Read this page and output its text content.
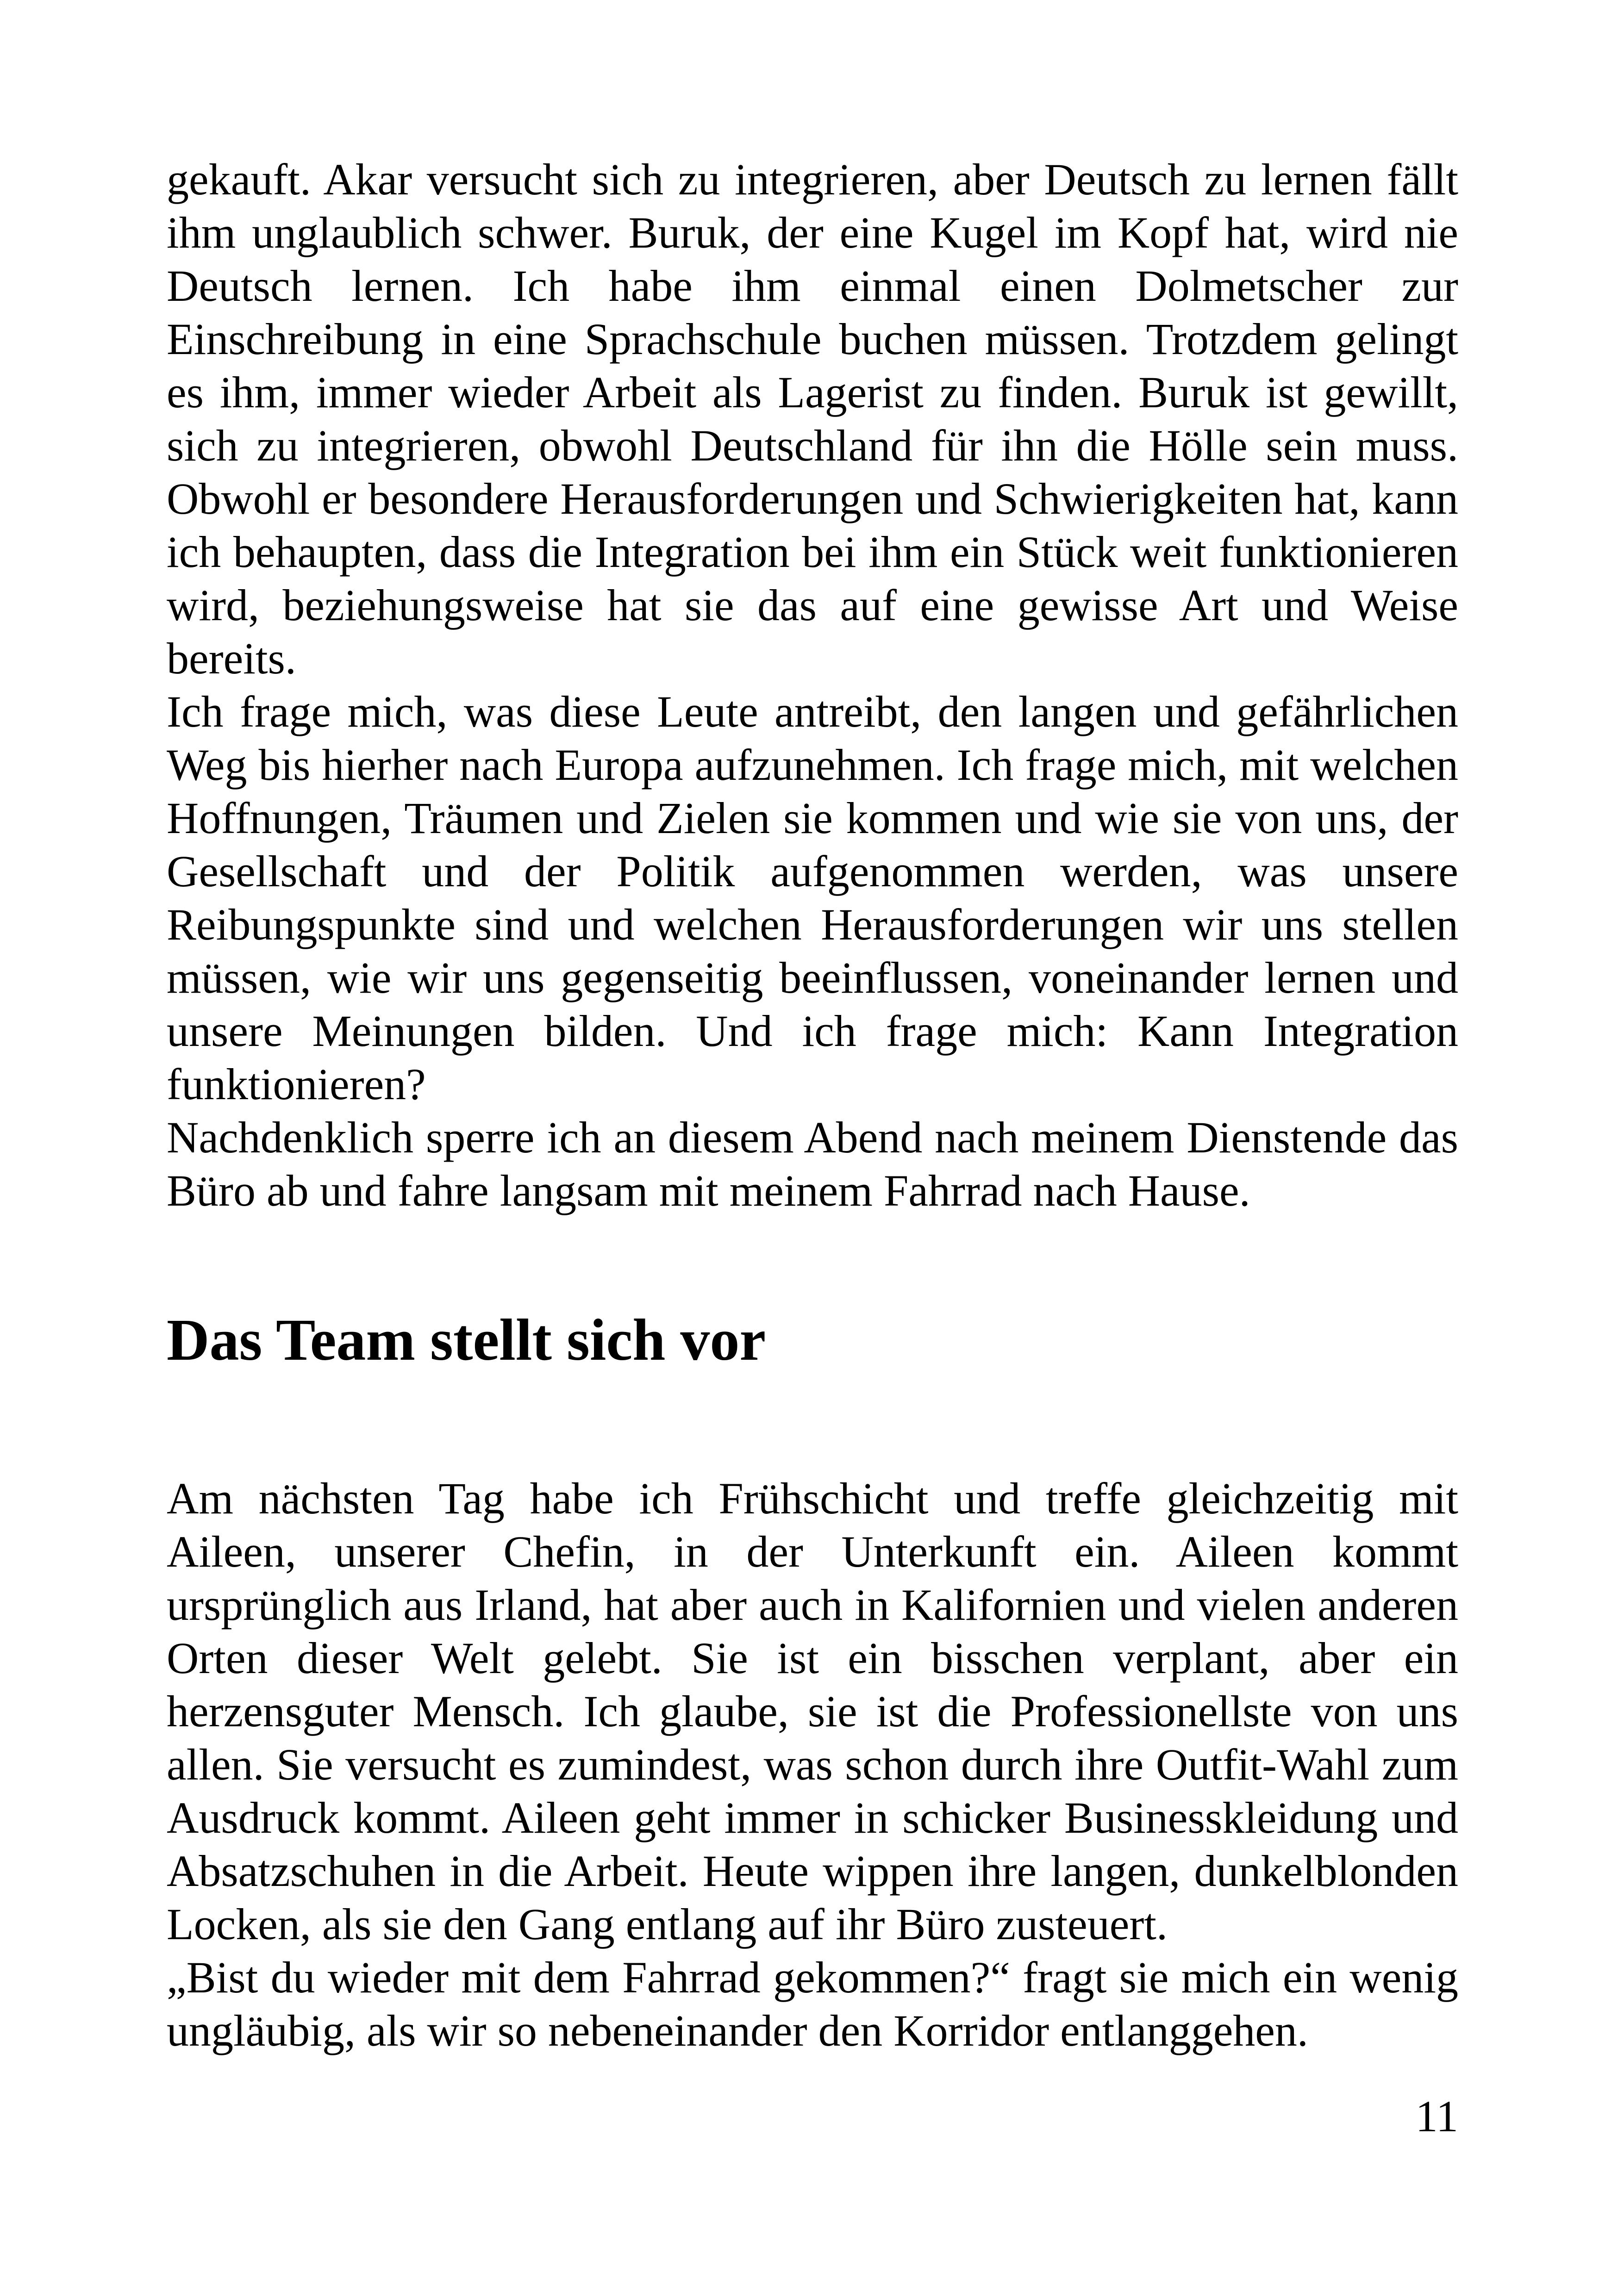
gekauft. Akar versucht sich zu integrieren, aber Deutsch zu lernen fällt ihm unglaublich schwer. Buruk, der eine Kugel im Kopf hat, wird nie Deutsch lernen. Ich habe ihm einmal einen Dolmetscher zur Einschreibung in eine Sprachschule buchen müssen. Trotzdem gelingt es ihm, immer wieder Arbeit als Lagerist zu finden. Buruk ist gewillt, sich zu integrieren, obwohl Deutschland für ihn die Hölle sein muss. Obwohl er besondere Herausforderungen und Schwierigkeiten hat, kann ich behaupten, dass die Integration bei ihm ein Stück weit funktionieren wird, beziehungsweise hat sie das auf eine gewisse Art und Weise bereits.

Ich frage mich, was diese Leute antreibt, den langen und gefährlichen Weg bis hierher nach Europa aufzunehmen. Ich frage mich, mit welchen Hoffnungen, Träumen und Zielen sie kommen und wie sie von uns, der Gesellschaft und der Politik aufgenommen werden, was unsere Reibungspunkte sind und welchen Herausforderungen wir uns stellen müssen, wie wir uns gegenseitig beeinflussen, voneinander lernen und unsere Meinungen bilden. Und ich frage mich: Kann Integration funktionieren?

Nachdenklich sperre ich an diesem Abend nach meinem Dienstende das Büro ab und fahre langsam mit meinem Fahrrad nach Hause.

Das Team stellt sich vor

Am nächsten Tag habe ich Frühschicht und treffe gleichzeitig mit Aileen, unserer Chefin, in der Unterkunft ein. Aileen kommt ursprünglich aus Irland, hat aber auch in Kalifornien und vielen anderen Orten dieser Welt gelebt. Sie ist ein bisschen verplant, aber ein herzensguter Mensch. Ich glaube, sie ist die Professionellste von uns allen. Sie versucht es zumindest, was schon durch ihre Outfit-Wahl zum Ausdruck kommt. Aileen geht immer in schicker Businesskleidung und Absatzschuhen in die Arbeit. Heute wippen ihre langen, dunkelblonden Locken, als sie den Gang entlang auf ihr Büro zusteuert.

„Bist du wieder mit dem Fahrrad gekommen?“ fragt sie mich ein wenig ungläubig, als wir so nebeneinander den Korridor entlanggehen.

11
